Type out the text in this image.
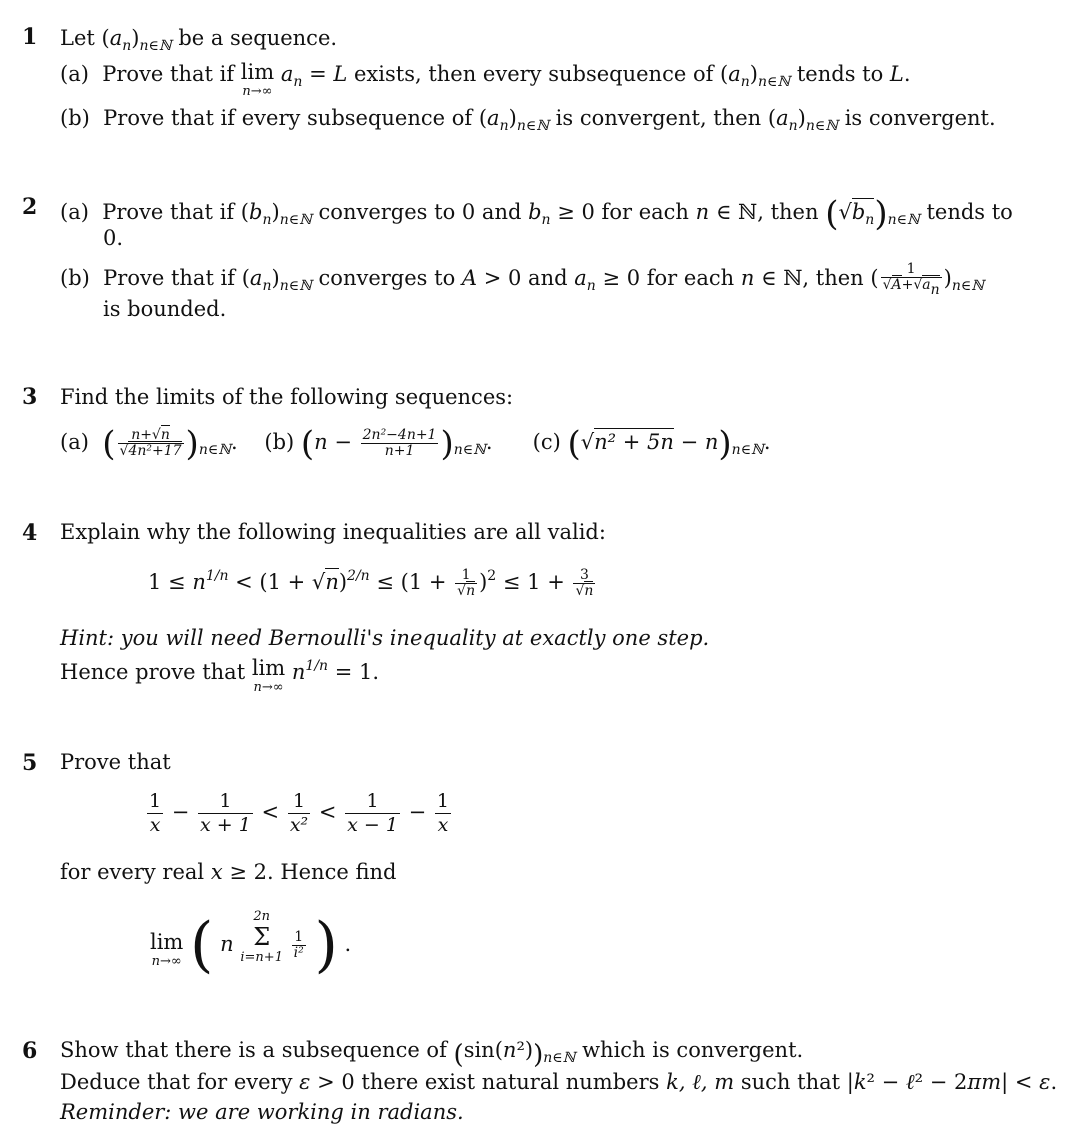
1 Let $(a_n)_{n\in ℕ}$ be a sequence.
(a)  Prove that if lim
n→∞
$a_n = L$ exists, then every subsequence of $(a_n)_{n\in ℕ}$ tends to L.
(b)  Prove that if every subsequence of $(a_n)_{n\in ℕ}$ is convergent, then $(a_n)_{n\in ℕ}$ is convergent.
2 (a)  Prove that if $(b_n)_{n\in ℕ}$ converges to 0 and $b_n \ge 0$ for each n ∈ ℕ, then $(√b_n)_{n\in ℕ}$ tends to
0.
(b)  Prove that if $(a_n)_{n\in ℕ}$ converges to A > 0 and $a_n \ge 0$ for each n ∈ ℕ, then ( $\frac{1}{√A+√an} )_{n\in ℕ}$
is bounded.
3 Find the limits of the following sequences:
(a)  ( $\frac{n+√n}{\text{√4n²+17}} )_{n\in ℕ}$.    (b) $(n - \frac{\text{2n²−4n+1}}{n+1} )_{n\in ℕ}$.      (c) $(√n^2 + 5n - n)_{n\in ℕ}$.
4 Explain why the following inequalities are all valid:
$1 \le n^{1/n} < (1 + √n)^{2/n} \le (1 + \frac{1}{√n} )^2 \le 1 + \frac{3}{√n}$
Hint: you will need Bernoulli's inequality at exactly one step.
Hence prove that lim
n→∞
$n^{1/n} = 1$.
5 Prove that
$\frac{1}{x} - \frac{1}{x + 1} < \frac{1}{\text{x²}} < \frac{1}{x - 1} - \frac{1}{x}$
for every real x ≥ 2. Hence find
lim
n→∞ ( n
2n
Σ
i=n+1
$\frac{1}{\text{i²}}$ ) .
6 Show that there is a subsequence of $(\sin(n^2))_{n\in ℕ}$ which is convergent.
Deduce that for every ε > 0 there exist natural numbers k, ℓ, m such that |k² − ℓ² − 2πm| < ε.
Reminder: we are working in radians.
